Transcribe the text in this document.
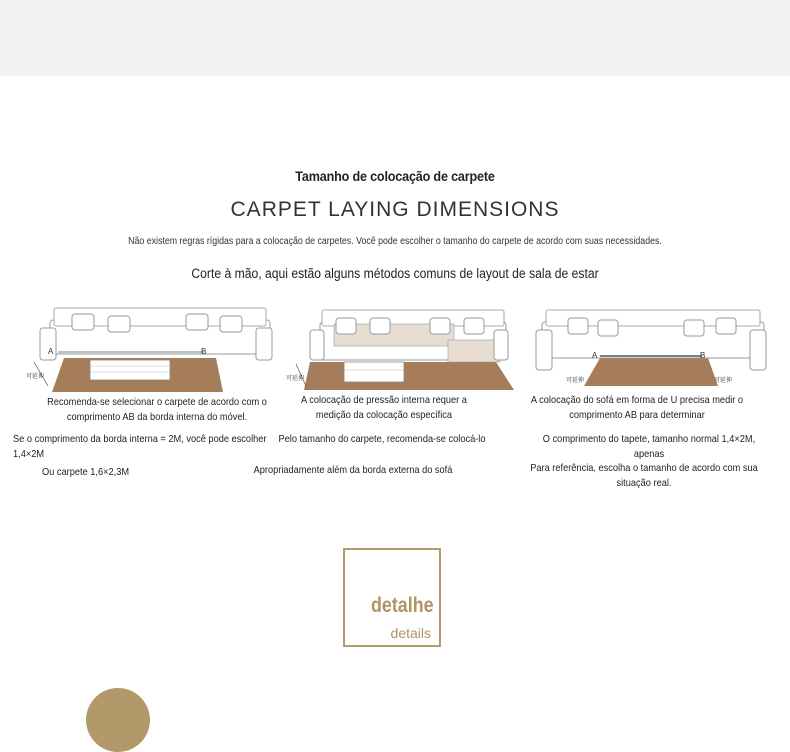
Tamanho de colocação de carpete
CARPET LAYING DIMENSIONS
Não existem regras rígidas para a colocação de carpetes. Você pode escolher o tamanho do carpete de acordo com suas necessidades.
Corte à mão, aqui estão alguns métodos comuns de layout de sala de estar
A	B
可延伸	可延伸
A	B
可延伸	可延伸
Recomenda-se selecionar o carpete de acordo com o comprimento AB da borda interna do móvel.
A colocação de pressão interna requer a medição da colocação específica
A colocação do sofá em forma de U precisa medir o comprimento AB para determinar
Se o comprimento da borda interna = 2M, você pode escolher 1,4×2M
Pelo tamanho do carpete, recomenda-se colocá-lo	O comprimento do tapete, tamanho normal 1,4×2M, apenas
Ou carpete 1,6×2,3M	Apropriadamente além da borda externa do sofá	Para referência, escolha o tamanho de acordo com sua situação real.
detalhe
details
